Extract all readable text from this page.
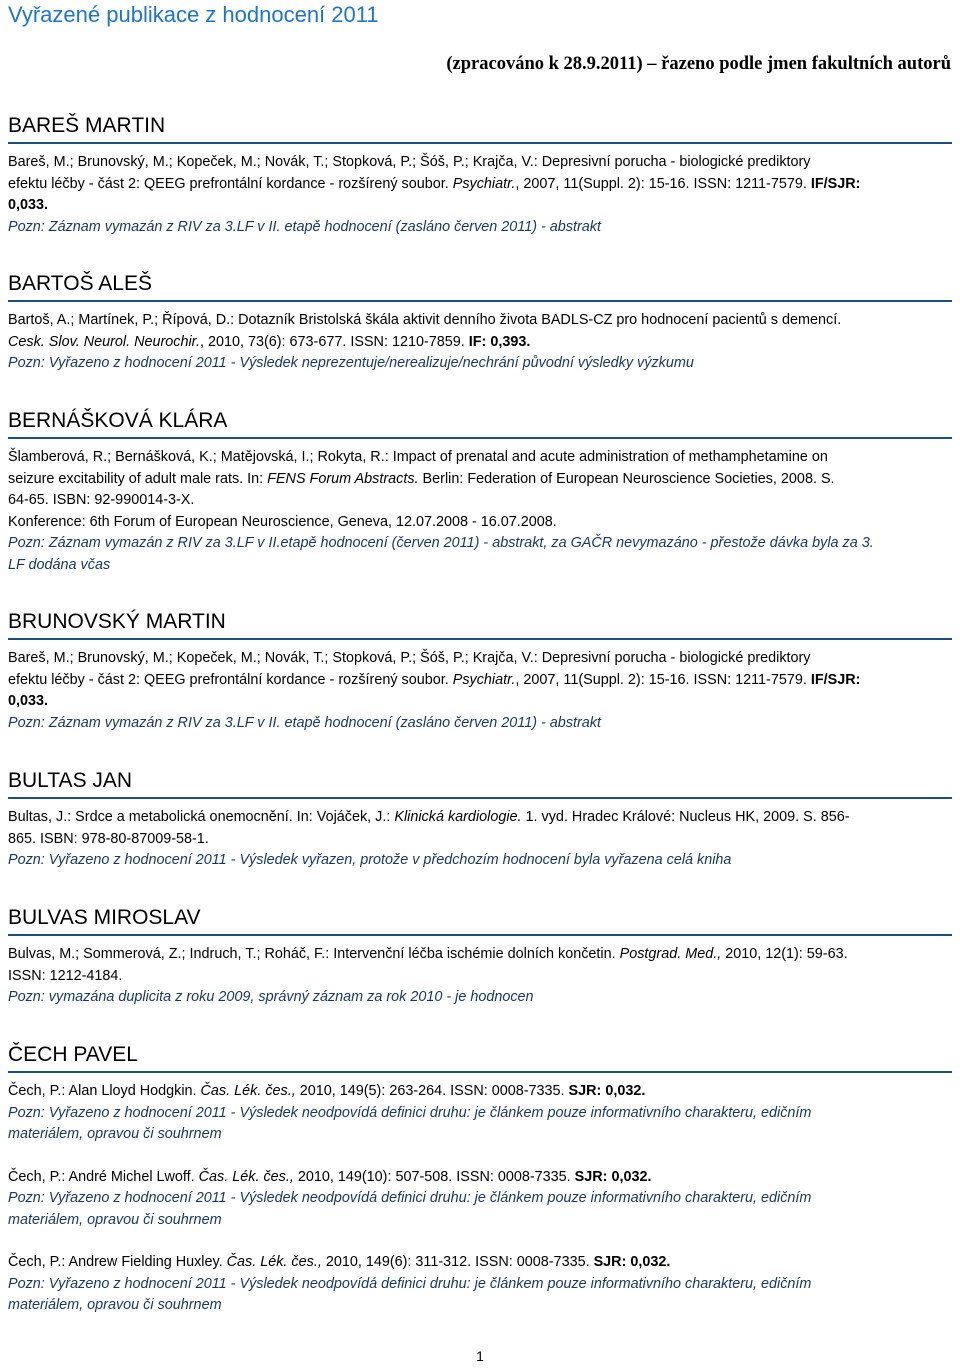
Vyřazené publikace z hodnocení 2011
(zpracováno k 28.9.2011) – řazeno podle jmen fakultních autorů
BAREŠ MARTIN
Bareš, M.; Brunovský, M.; Kopeček, M.; Novák, T.; Stopková, P.; Šóš, P.; Krajča, V.: Depresivní porucha - biologické prediktory
efektu léčby - část 2: QEEG prefrontální kordance - rozšírený soubor. Psychiatr., 2007, 11(Suppl. 2): 15-16. ISSN: 1211-7579. IF/SJR:
0,033.
Pozn: Záznam vymazán z RIV za 3.LF v II. etapě hodnocení (zasláno červen 2011) - abstrakt
BARTOŠ ALEŠ
Bartoš, A.; Martínek, P.; Řípová, D.: Dotazník Bristolská škála aktivit denního života BADLS-CZ pro hodnocení pacientů s demencí.
Cesk. Slov. Neurol. Neurochir., 2010, 73(6): 673-677. ISSN: 1210-7859. IF: 0,393.
Pozn: Vyřazeno z hodnocení 2011 - Výsledek neprezentuje/nerealizuje/nechrání původní výsledky výzkumu
BERNÁŠKOVÁ KLÁRA
Šlamberová, R.; Bernášková, K.; Matějovská, I.; Rokyta, R.: Impact of prenatal and acute administration of methamphetamine on
seizure excitability of adult male rats. In: FENS Forum Abstracts. Berlin: Federation of European Neuroscience Societies, 2008. S.
64-65. ISBN: 92-990014-3-X.
Konference: 6th Forum of European Neuroscience, Geneva, 12.07.2008 - 16.07.2008.
Pozn: Záznam vymazán z RIV za 3.LF v II.etapě hodnocení (červen 2011) - abstrakt, za GAČR nevymazáno - přestože dávka byla za 3.
LF dodána včas
BRUNOVSKÝ MARTIN
Bareš, M.; Brunovský, M.; Kopeček, M.; Novák, T.; Stopková, P.; Šóš, P.; Krajča, V.: Depresivní porucha - biologické prediktory
efektu léčby - část 2: QEEG prefrontální kordance - rozšírený soubor. Psychiatr., 2007, 11(Suppl. 2): 15-16. ISSN: 1211-7579. IF/SJR:
0,033.
Pozn: Záznam vymazán z RIV za 3.LF v II. etapě hodnocení (zasláno červen 2011) - abstrakt
BULTAS JAN
Bultas, J.: Srdce a metabolická onemocnění. In: Vojáček, J.: Klinická kardiologie. 1. vyd. Hradec Králové: Nucleus HK, 2009. S. 856-
865. ISBN: 978-80-87009-58-1.
Pozn: Vyřazeno z hodnocení 2011 - Výsledek vyřazen, protože v předchozím hodnocení byla vyřazena celá kniha
BULVAS MIROSLAV
Bulvas, M.; Sommerová, Z.; Indruch, T.; Roháč, F.: Intervenční léčba ischémie dolních končetin. Postgrad. Med., 2010, 12(1): 59-63.
ISSN: 1212-4184.
Pozn: vymazána duplicita z roku 2009, správný záznam za rok 2010 - je hodnocen
ČECH PAVEL
Čech, P.: Alan Lloyd Hodgkin. Čas. Lék. čes., 2010, 149(5): 263-264. ISSN: 0008-7335. SJR: 0,032.
Pozn: Vyřazeno z hodnocení 2011 - Výsledek neodpovídá definici druhu: je článkem pouze informativního charakteru, edičním
materiálem, opravou či souhrnem
Čech, P.: André Michel Lwoff. Čas. Lék. čes., 2010, 149(10): 507-508. ISSN: 0008-7335. SJR: 0,032.
Pozn: Vyřazeno z hodnocení 2011 - Výsledek neodpovídá definici druhu: je článkem pouze informativního charakteru, edičním
materiálem, opravou či souhrnem
Čech, P.: Andrew Fielding Huxley. Čas. Lék. čes., 2010, 149(6): 311-312. ISSN: 0008-7335. SJR: 0,032.
Pozn: Vyřazeno z hodnocení 2011 - Výsledek neodpovídá definici druhu: je článkem pouze informativního charakteru, edičním
materiálem, opravou či souhrnem
1
